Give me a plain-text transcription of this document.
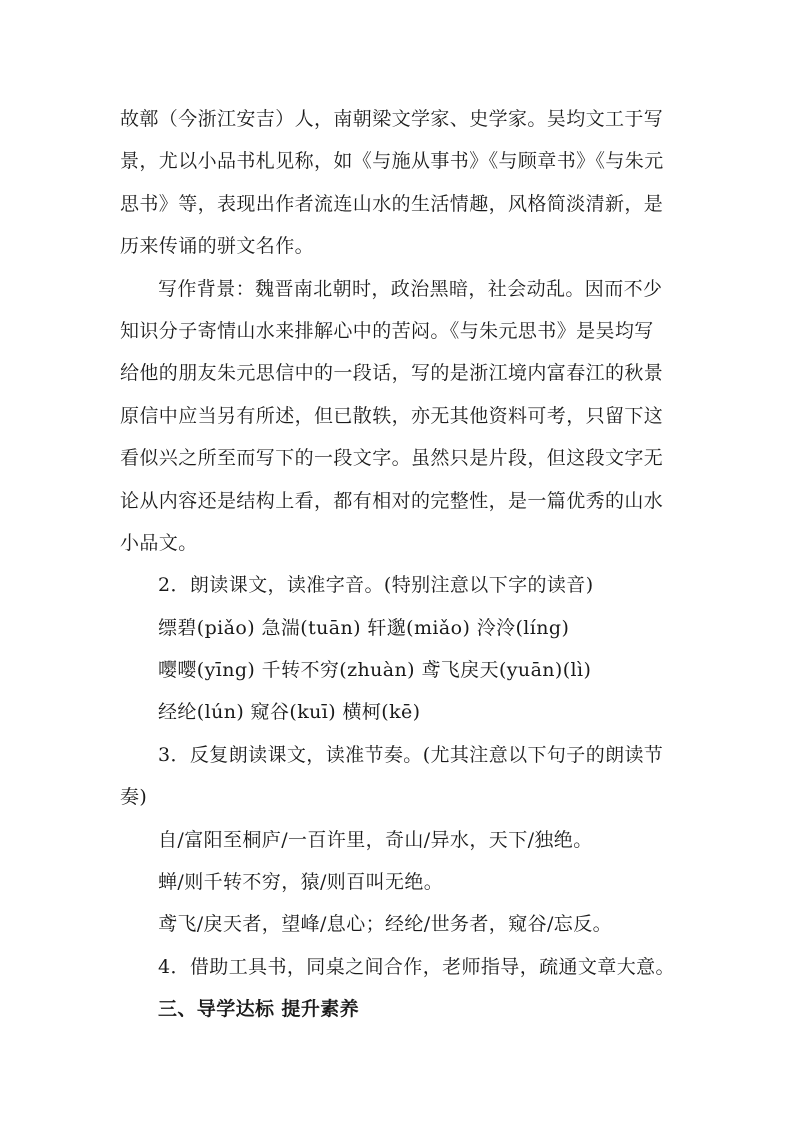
故鄣（今浙江安吉）人，南朝梁文学家、史学家。吴均文工于写
景，尤以小品书札见称，如《与施从事书》《与顾章书》《与朱元
思书》等，表现出作者流连山水的生活情趣，风格简淡清新，是
历来传诵的骈文名作。
写作背景：魏晋南北朝时，政治黑暗，社会动乱。因而不少
知识分子寄情山水来排解心中的苦闷。《与朱元思书》是吴均写
给他的朋友朱元思信中的一段话，写的是浙江境内富春江的秋景
原信中应当另有所述，但已散轶，亦无其他资料可考，只留下这
看似兴之所至而写下的一段文字。虽然只是片段，但这段文字无
论从内容还是结构上看，都有相对的完整性，是一篇优秀的山水
小品文。
2．朗读课文，读准字音。(特别注意以下字的读音)
缥碧(piǎo) 急湍(tuān) 轩邈(miǎo) 泠泠(líng)
嘤嘤(yīng) 千转不穷(zhuàn) 鸢飞戾天(yuān)(lì)
经纶(lún) 窥谷(kuī) 横柯(kē)
3．反复朗读课文，读准节奏。(尤其注意以下句子的朗读节
奏)
自/富阳至桐庐/一百许里，奇山/异水，天下/独绝。
蝉/则千转不穷，猿/则百叫无绝。
鸢飞/戾天者，望峰/息心；经纶/世务者，窥谷/忘反。
4．借助工具书，同桌之间合作，老师指导，疏通文章大意。
三、导学达标 提升素养
